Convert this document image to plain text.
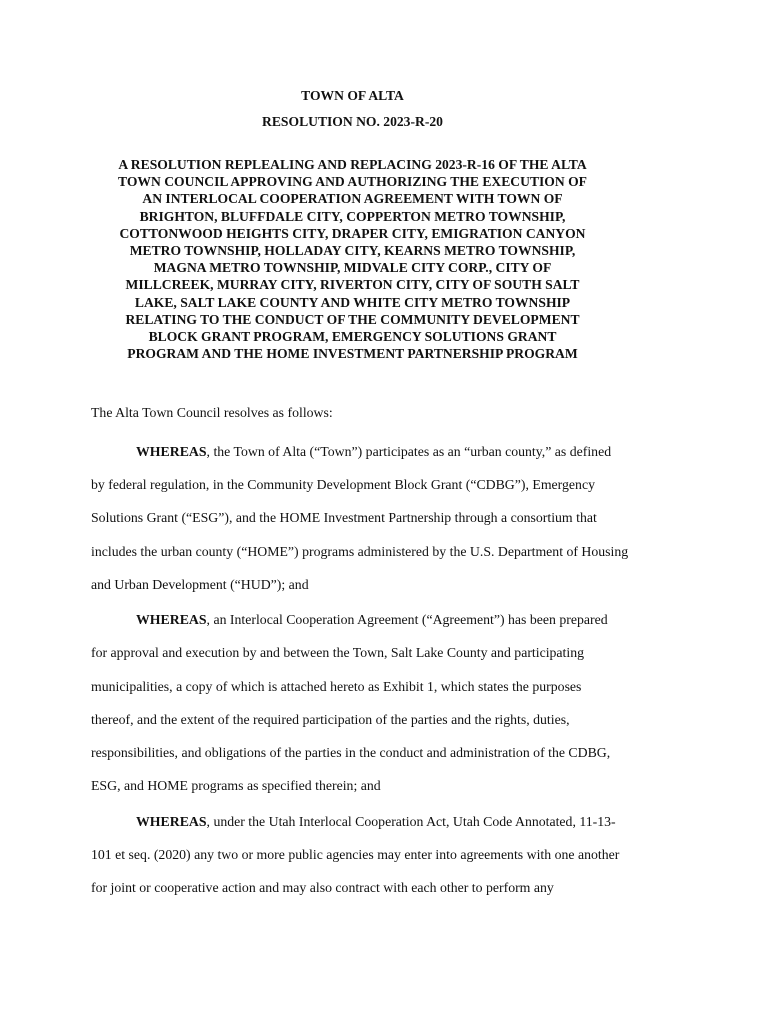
TOWN OF ALTA

RESOLUTION NO. 2023-R-20

A RESOLUTION REPLEALING AND REPLACING 2023-R-16 OF THE ALTA
TOWN COUNCIL APPROVING AND AUTHORIZING THE EXECUTION OF
AN INTERLOCAL COOPERATION AGREEMENT WITH TOWN OF
BRIGHTON, BLUFFDALE CITY, COPPERTON METRO TOWNSHIP,
COTTONWOOD HEIGHTS CITY, DRAPER CITY, EMIGRATION CANYON
METRO TOWNSHIP, HOLLADAY CITY, KEARNS METRO TOWNSHIP,
MAGNA METRO TOWNSHIP, MIDVALE CITY CORP., CITY OF
MILLCREEK, MURRAY CITY, RIVERTON CITY, CITY OF SOUTH SALT
LAKE, SALT LAKE COUNTY AND WHITE CITY METRO TOWNSHIP
RELATING TO THE CONDUCT OF THE COMMUNITY DEVELOPMENT
BLOCK GRANT PROGRAM, EMERGENCY SOLUTIONS GRANT
PROGRAM AND THE HOME INVESTMENT PARTNERSHIP PROGRAM
The Alta Town Council resolves as follows:
WHEREAS, the Town of Alta (“Town”) participates as an “urban county,” as defined
by federal regulation, in the Community Development Block Grant (“CDBG”), Emergency
Solutions Grant (“ESG”), and the HOME Investment Partnership through a consortium that
includes the urban county (“HOME”) programs administered by the U.S. Department of Housing
and Urban Development (“HUD”); and
WHEREAS, an Interlocal Cooperation Agreement (“Agreement”) has been prepared
for approval and execution by and between the Town, Salt Lake County and participating
municipalities, a copy of which is attached hereto as Exhibit 1, which states the purposes
thereof, and the extent of the required participation of the parties and the rights, duties,
responsibilities, and obligations of the parties in the conduct and administration of the CDBG,
ESG, and HOME programs as specified therein; and
WHEREAS, under the Utah Interlocal Cooperation Act, Utah Code Annotated, 11-13-
101 et seq. (2020) any two or more public agencies may enter into agreements with one another
for joint or cooperative action and may also contract with each other to perform any
